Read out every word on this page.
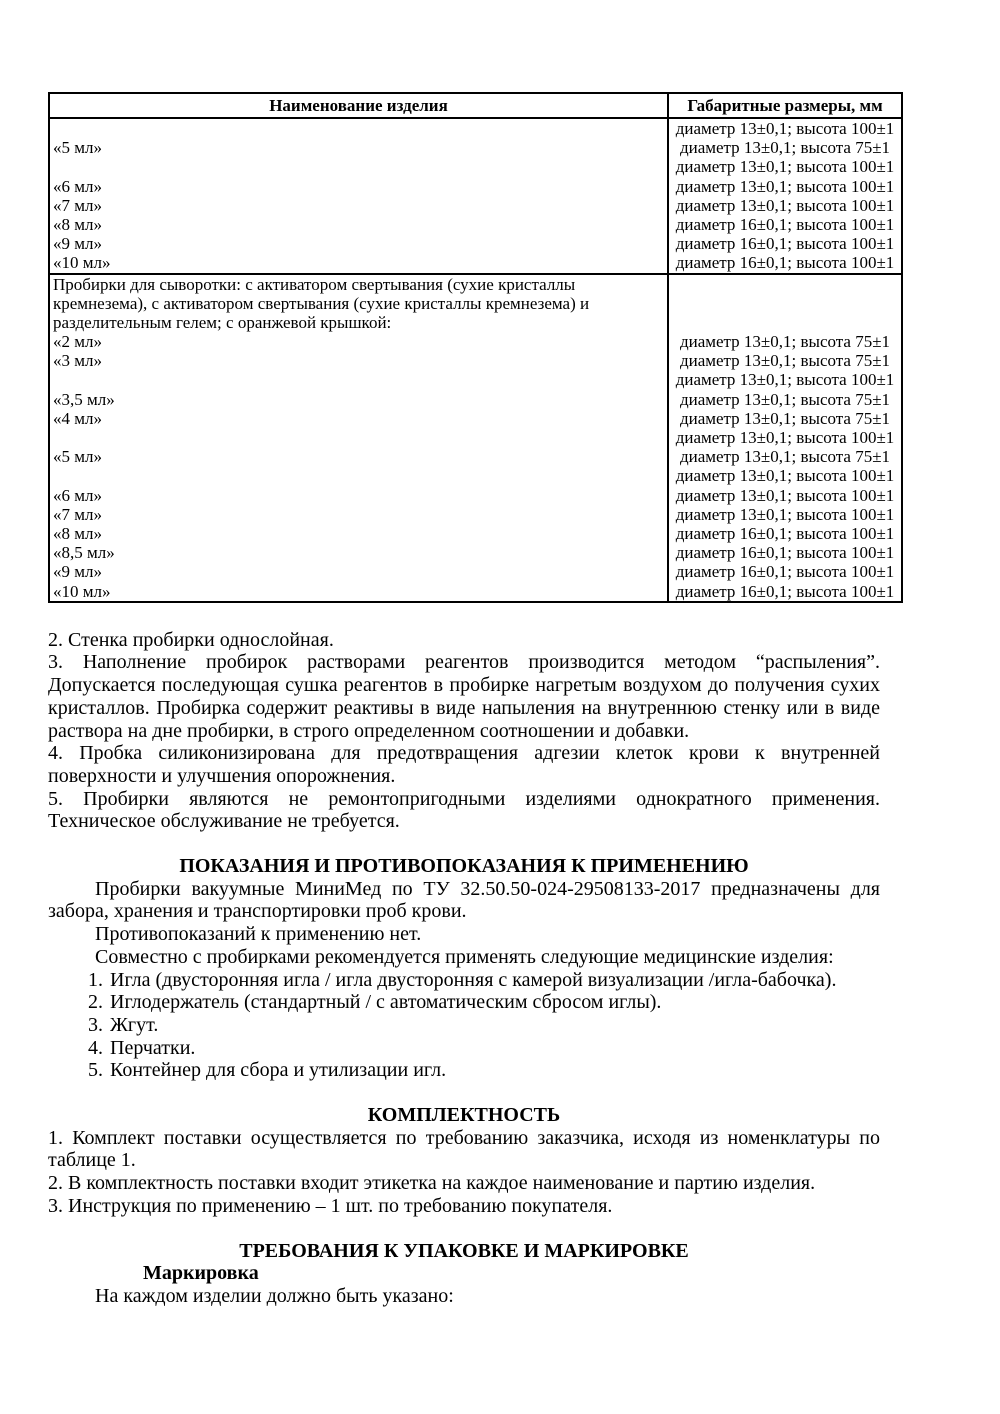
Наименование изделия	Габаритные размеры, мм
«5 мл»
«6 мл»
«7 мл»
«8 мл»
«9 мл»
«10 мл»
диаметр 13±0,1; высота 100±1
диаметр 13±0,1; высота 75±1
диаметр 13±0,1; высота 100±1
диаметр 13±0,1; высота 100±1
диаметр 13±0,1; высота 100±1
диаметр 16±0,1; высота 100±1
диаметр 16±0,1; высота 100±1
диаметр 16±0,1; высота 100±1
Пробирки для сыворотки: с активатором свертывания (сухие кристаллы
кремнезема), с активатором свертывания (сухие кристаллы кремнезема) и
разделительным гелем; с оранжевой крышкой:
«2 мл»
«3 мл»
«3,5 мл»
«4 мл»
«5 мл»
«6 мл»
«7 мл»
«8 мл»
«8,5 мл»
«9 мл»
«10 мл»
диаметр 13±0,1; высота 75±1
диаметр 13±0,1; высота 75±1
диаметр 13±0,1; высота 100±1
диаметр 13±0,1; высота 75±1
диаметр 13±0,1; высота 75±1
диаметр 13±0,1; высота 100±1
диаметр 13±0,1; высота 75±1
диаметр 13±0,1; высота 100±1
диаметр 13±0,1; высота 100±1
диаметр 13±0,1; высота 100±1
диаметр 16±0,1; высота 100±1
диаметр 16±0,1; высота 100±1
диаметр 16±0,1; высота 100±1
диаметр 16±0,1; высота 100±1
2. Стенка пробирки однослойная.
3. Наполнение пробирок растворами реагентов производится методом “распыления”. Допускается последующая сушка реагентов в пробирке нагретым воздухом до получения сухих кристаллов. Пробирка содержит реактивы в виде напыления на внутреннюю стенку или в виде раствора на дне пробирки, в строго определенном соотношении и добавки.
4. Пробка силиконизирована для предотвращения адгезии клеток крови к внутренней поверхности и улучшения опорожнения.
5. Пробирки являются не ремонтопригодными изделиями однократного применения. Техническое обслуживание не требуется.
ПОКАЗАНИЯ И ПРОТИВОПОКАЗАНИЯ К ПРИМЕНЕНИЮ
Пробирки вакуумные МиниМед по ТУ 32.50.50-024-29508133-2017 предназначены для забора, хранения и транспортировки проб крови.
Противопоказаний к применению нет.
Совместно с пробирками рекомендуется применять следующие медицинские изделия:
1. Игла (двусторонняя игла / игла двусторонняя с камерой визуализации /игла-бабочка).
2. Иглодержатель (стандартный / с автоматическим сбросом иглы).
3. Жгут.
4. Перчатки.
5. Контейнер для сбора и утилизации игл.
КОМПЛЕКТНОСТЬ
1. Комплект поставки осуществляется по требованию заказчика, исходя из номенклатуры по таблице 1.
2. В комплектность поставки входит этикетка на каждое наименование и партию изделия.
3. Инструкция по применению – 1 шт. по требованию покупателя.
ТРЕБОВАНИЯ К УПАКОВКЕ И МАРКИРОВКЕ
Маркировка
На каждом изделии должно быть указано:
